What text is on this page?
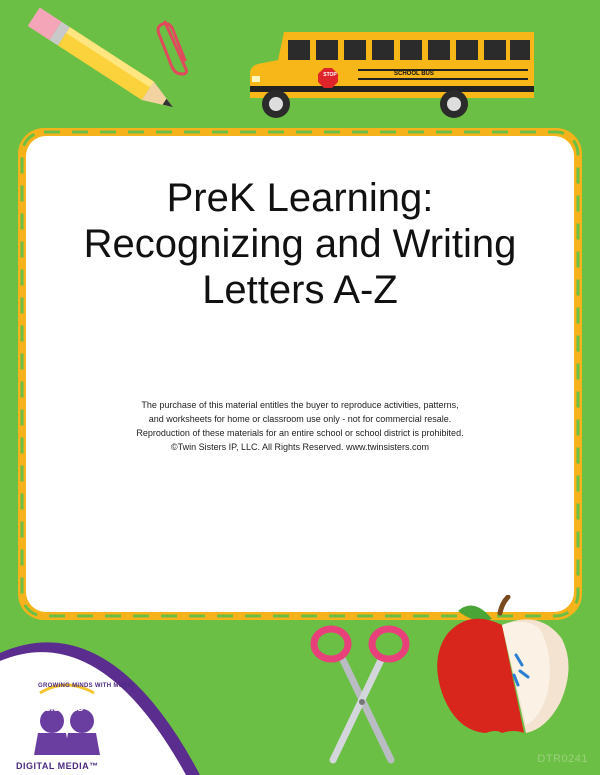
STOP	SCHOOL BUS
PreK Learning:
Recognizing and Writing
Letters A-Z
The purchase of this material entitles the buyer to reproduce activities, patterns,
and worksheets for home or classroom use only - not for commercial resale.
Reproduction of these materials for an entire school or school district is prohibited.
©Twin Sisters IP, LLC. All Rights Reserved. www.twinsisters.com
GROWING MINDS WITH MUSIC
TWIN
SISTERS
DIGITAL MEDIA™
DTR0241
